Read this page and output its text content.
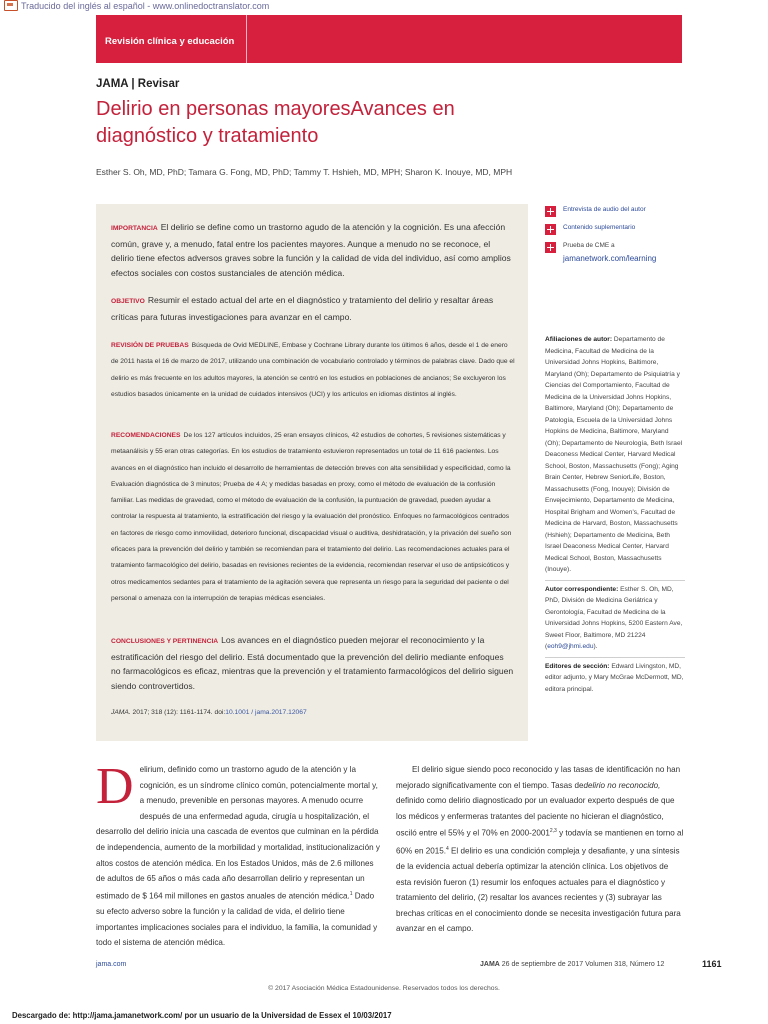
Traducido del inglés al español - www.onlinedoctranslator.com
Revisión clínica y educación
JAMA | Revisar
Delirio en personas mayoresAvances en diagnóstico y tratamiento
Esther S. Oh, MD, PhD; Tamara G. Fong, MD, PhD; Tammy T. Hshieh, MD, MPH; Sharon K. Inouye, MD, MPH

IMPORTANCIA El delirio se define como un trastorno agudo de la atención y la cognición. Es una afección común, grave y, a menudo, fatal entre los pacientes mayores. Aunque a menudo no se reconoce, el delirio tiene efectos adversos graves sobre la función y la calidad de vida del individuo, así como amplios efectos sociales con costos sustanciales de atención médica.

OBJETIVO Resumir el estado actual del arte en el diagnóstico y tratamiento del delirio y resaltar áreas críticas para futuras investigaciones para avanzar en el campo.

REVISIÓN DE PRUEBAS Búsqueda de Ovid MEDLINE, Embase y Cochrane Library durante los últimos 6 años, desde el 1 de enero de 2011 hasta el 16 de marzo de 2017, utilizando una combinación de vocabulario controlado y términos de palabras clave. Dado que el delirio es más frecuente en los adultos mayores, la atención se centró en los estudios en poblaciones de ancianos; Se excluyeron los estudios basados únicamente en la unidad de cuidados intensivos (UCI) y los artículos en idiomas distintos al inglés.

RECOMENDACIONES De los 127 artículos incluidos, 25 eran ensayos clínicos, 42 estudios de cohortes, 5 revisiones sistemáticas y metaanálisis y 55 eran otras categorías. En los estudios de tratamiento estuvieron representados un total de 11 616 pacientes. Los avances en el diagnóstico han incluido el desarrollo de herramientas de detección breves con alta sensibilidad y especificidad, como la Evaluación diagnóstica de 3 minutos; Prueba de 4 A; y medidas basadas en proxy, como el método de evaluación de la confusión familiar. Las medidas de gravedad, como el método de evaluación de la confusión, la puntuación de gravedad, pueden ayudar a controlar la respuesta al tratamiento, la estratificación del riesgo y la evaluación del pronóstico. Enfoques no farmacológicos centrados en factores de riesgo como inmovilidad, deterioro funcional, discapacidad visual o auditiva, deshidratación, y la privación del sueño son eficaces para la prevención del delirio y también se recomiendan para el tratamiento del delirio. Las recomendaciones actuales para el tratamiento farmacológico del delirio, basadas en revisiones recientes de la evidencia, recomiendan reservar el uso de antipsicóticos y otros medicamentos sedantes para el tratamiento de la agitación severa que representa un riesgo para la seguridad del paciente o del personal o amenaza con la interrupción de terapias médicas esenciales.

CONCLUSIONES Y PERTINENCIA Los avances en el diagnóstico pueden mejorar el reconocimiento y la estratificación del riesgo del delirio. Está documentado que la prevención del delirio mediante enfoques no farmacológicos es eficaz, mientras que la prevención y el tratamiento farmacológicos del delirio siguen siendo controvertidos.

JAMA. 2017; 318 (12): 1161-1174. doi:10.1001 / jama.2017.12067

Entrevista de audio del autor
Contenido suplementario
Prueba de CME a
jamanetwork.com/learning
Afiliaciones de autor: Departamento de Medicina, Facultad de Medicina de la Universidad Johns Hopkins, Baltimore, Maryland (Oh); Departamento de Psiquiatría y Ciencias del Comportamiento, Facultad de Medicina de la Universidad Johns Hopkins, Baltimore, Maryland (Oh); Departamento de Patología, Escuela de la Universidad Johns Hopkins de Medicina, Baltimore, Maryland (Oh); Departamento de Neurología, Beth Israel Deaconess Medical Center, Harvard Medical School, Boston, Massachusetts (Fong); Aging Brain Center, Hebrew SeniorLife, Boston, Massachusetts (Fong, Inouye); División de Envejecimiento, Departamento de Medicina, Hospital Brigham and Women's, Facultad de Medicina de Harvard, Boston, Massachusetts (Hshieh); Departamento de Medicina, Beth Israel Deaconess Medical Center, Harvard Medical School, Boston, Massachusetts (Inouye).
Autor correspondiente: Esther S. Oh, MD, PhD, División de Medicina Geriátrica y Gerontología, Facultad de Medicina de la Universidad Johns Hopkins, 5200 Eastern Ave, Sweet Floor, Baltimore, MD 21224 (eoh9@jhmi.edu).
Editores de sección: Edward Livingston, MD, editor adjunto, y Mary McGrae McDermott, MD, editora principal.
Delirium, definido como un trastorno agudo de la atención y la cognición, es un síndrome clínico común, potencialmente mortal y, a menudo, prevenible en personas mayores. A menudo ocurre después de una enfermedad aguda, cirugía u hospitalización, el desarrollo del delirio inicia una cascada de eventos que culminan en la pérdida de independencia, aumento de la morbilidad y mortalidad, institucionalización y altos costos de atención médica. En los Estados Unidos, más de 2.6 millones de adultos de 65 años o más cada año desarrollan delirio y representan un estimado de $ 164 mil millones en gastos anuales de atención médica.$^1$ Dado su efecto adverso sobre la función y la calidad de vida, el delirio tiene importantes implicaciones sociales para el individuo, la familia, la comunidad y todo el sistema de atención médica.
El delirio sigue siendo poco reconocido y las tasas de identificación no han mejorado significativamente con el tiempo. Tasas dedelirio no reconocido, definido como delirio diagnosticado por un evaluador experto después de que los médicos y enfermeras tratantes del paciente no hicieran el diagnóstico, osciló entre el 55% y el 70% en 2000-2001$^{2,3}$ y todavía se mantienen en torno al 60% en 2015.$^4$ El delirio es una condición compleja y desafiante, y una síntesis de la evidencia actual debería optimizar la atención clínica. Los objetivos de esta revisión fueron (1) resumir los enfoques actuales para el diagnóstico y tratamiento del delirio, (2) resaltar los avances recientes y (3) subrayar las brechas críticas en el conocimiento donde se necesita investigación futura para avanzar en el campo.
jama.com	JAMA 26 de septiembre de 2017 Volumen 318, Número 12	1161
© 2017 Asociación Médica Estadounidense. Reservados todos los derechos.
Descargado de: http://jama.jamanetwork.com/ por un usuario de la Universidad de Essex el 10/03/2017
